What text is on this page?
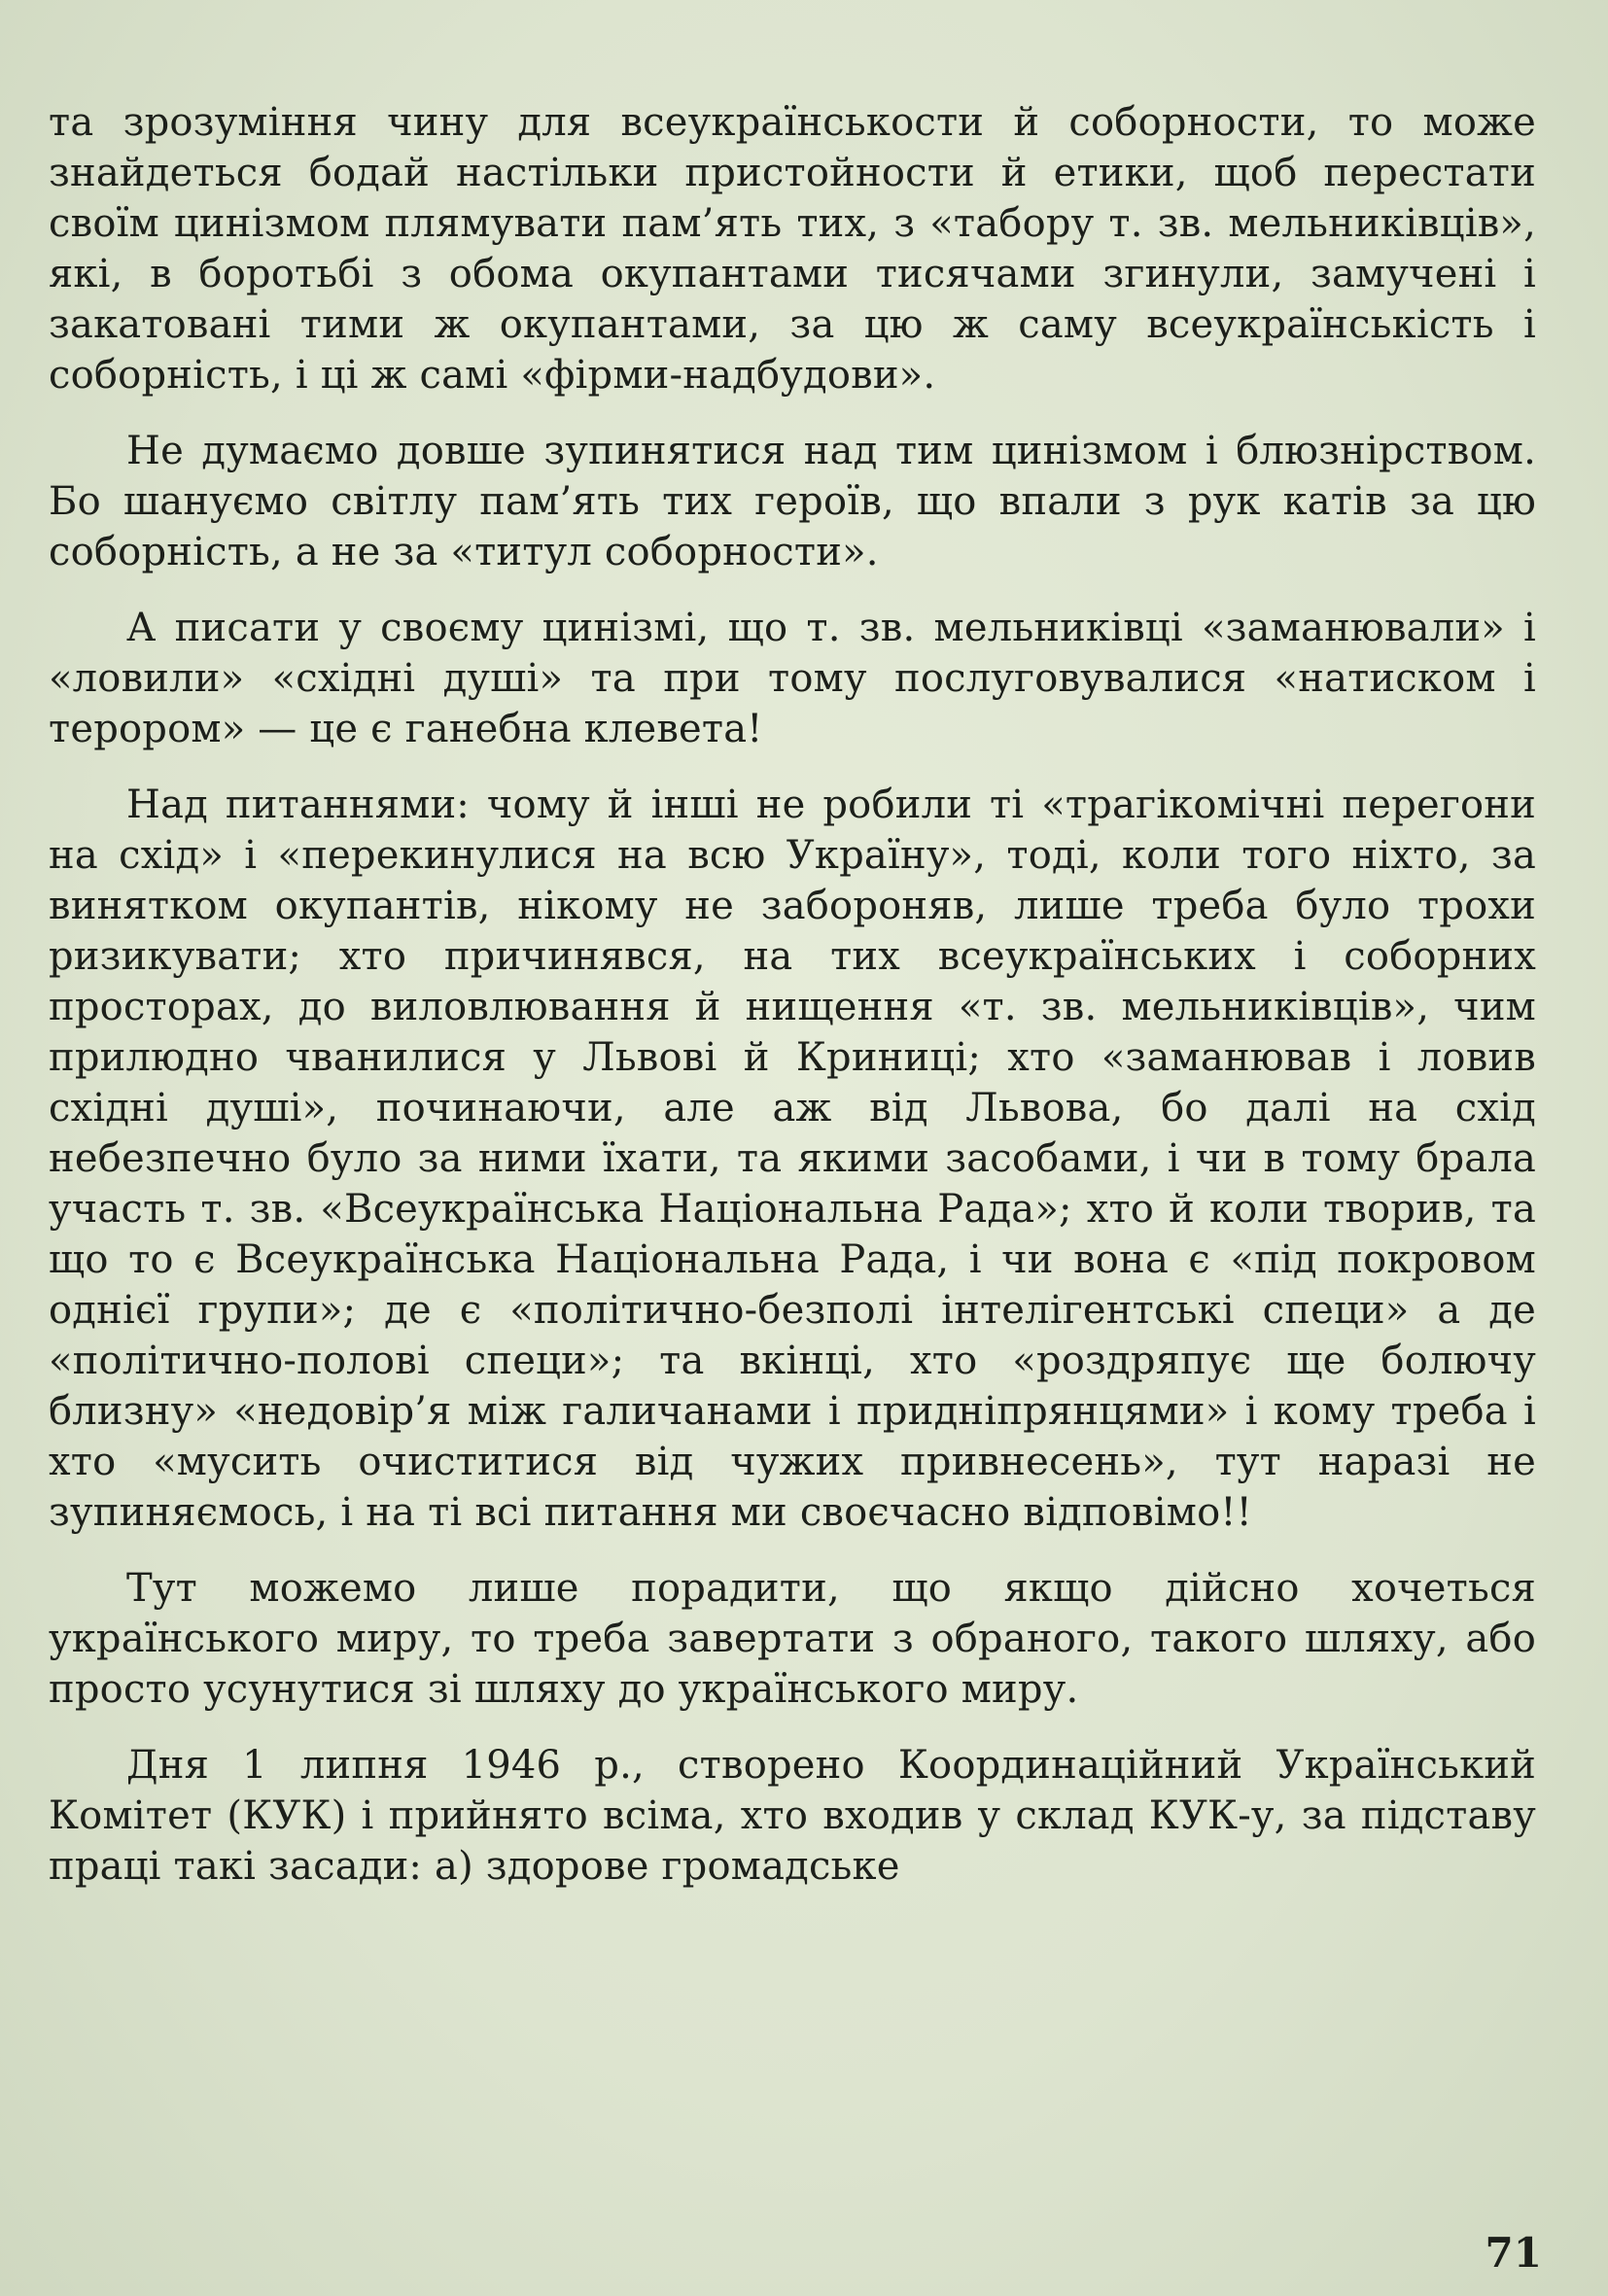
та зрозуміння чину для всеукраїнськости й соборности, то може знайдеться бодай настільки пристойности й етики, щоб перестати своїм цинізмом плямувати пам’ять тих, з «табору т. зв. мельниківців», які, в боротьбі з обома окупантами тисячами згинули, замучені і закатовані тими ж окупантами, за цю ж саму всеукраїнськість і соборність, і ці ж самі «фірми-надбудови».

Не думаємо довше зупинятися над тим цинізмом і блюзнірством. Бо шануємо світлу пам’ять тих героїв, що впали з рук катів за цю соборність, а не за «титул соборности».

А писати у своєму цинізмі, що т. зв. мельниківці «заманювали» і «ловили» «східні душі» та при тому послуговувалися «натиском і терором» — це є ганебна клевета!

Над питаннями: чому й інші не робили ті «трагікомічні перегони на схід» і «перекинулися на всю Україну», тоді, коли того ніхто, за винятком окупантів, нікому не забороняв, лише треба було трохи ризикувати; хто причинявся, на тих всеукраїнських і соборних просторах, до виловлювання й нищення «т. зв. мельниківців», чим прилюдно чванилися у Львові й Криниці; хто «заманював і ловив східні душі», починаючи, але аж від Львова, бо далі на схід небезпечно було за ними їхати, та якими засобами, і чи в тому брала участь т. зв. «Всеукраїнська Національна Рада»; хто й коли творив, та що то є Всеукраїнська Національна Рада, і чи вона є «під покровом однієї групи»; де є «політично-безполі інтелігентські специ» а де «політично-полові специ»; та вкінці, хто «роздряпує ще болючу близну» «недовір’я між галичанами і придніпрянцями» і кому треба і хто «мусить очиститися від чужих привнесень», тут наразі не зупиняємось, і на ті всі питання ми своєчасно відповімо!!

Тут можемо лише порадити, що якщо дійсно хочеться українського миру, то треба завертати з обраного, такого шляху, або просто усунутися зі шляху до українського миру.

Дня 1 липня 1946 р., створено Координаційний Український Комітет (КУК) і прийнято всіма, хто входив у склад КУК-у, за підставу праці такі засади: а) здорове громадське

71
